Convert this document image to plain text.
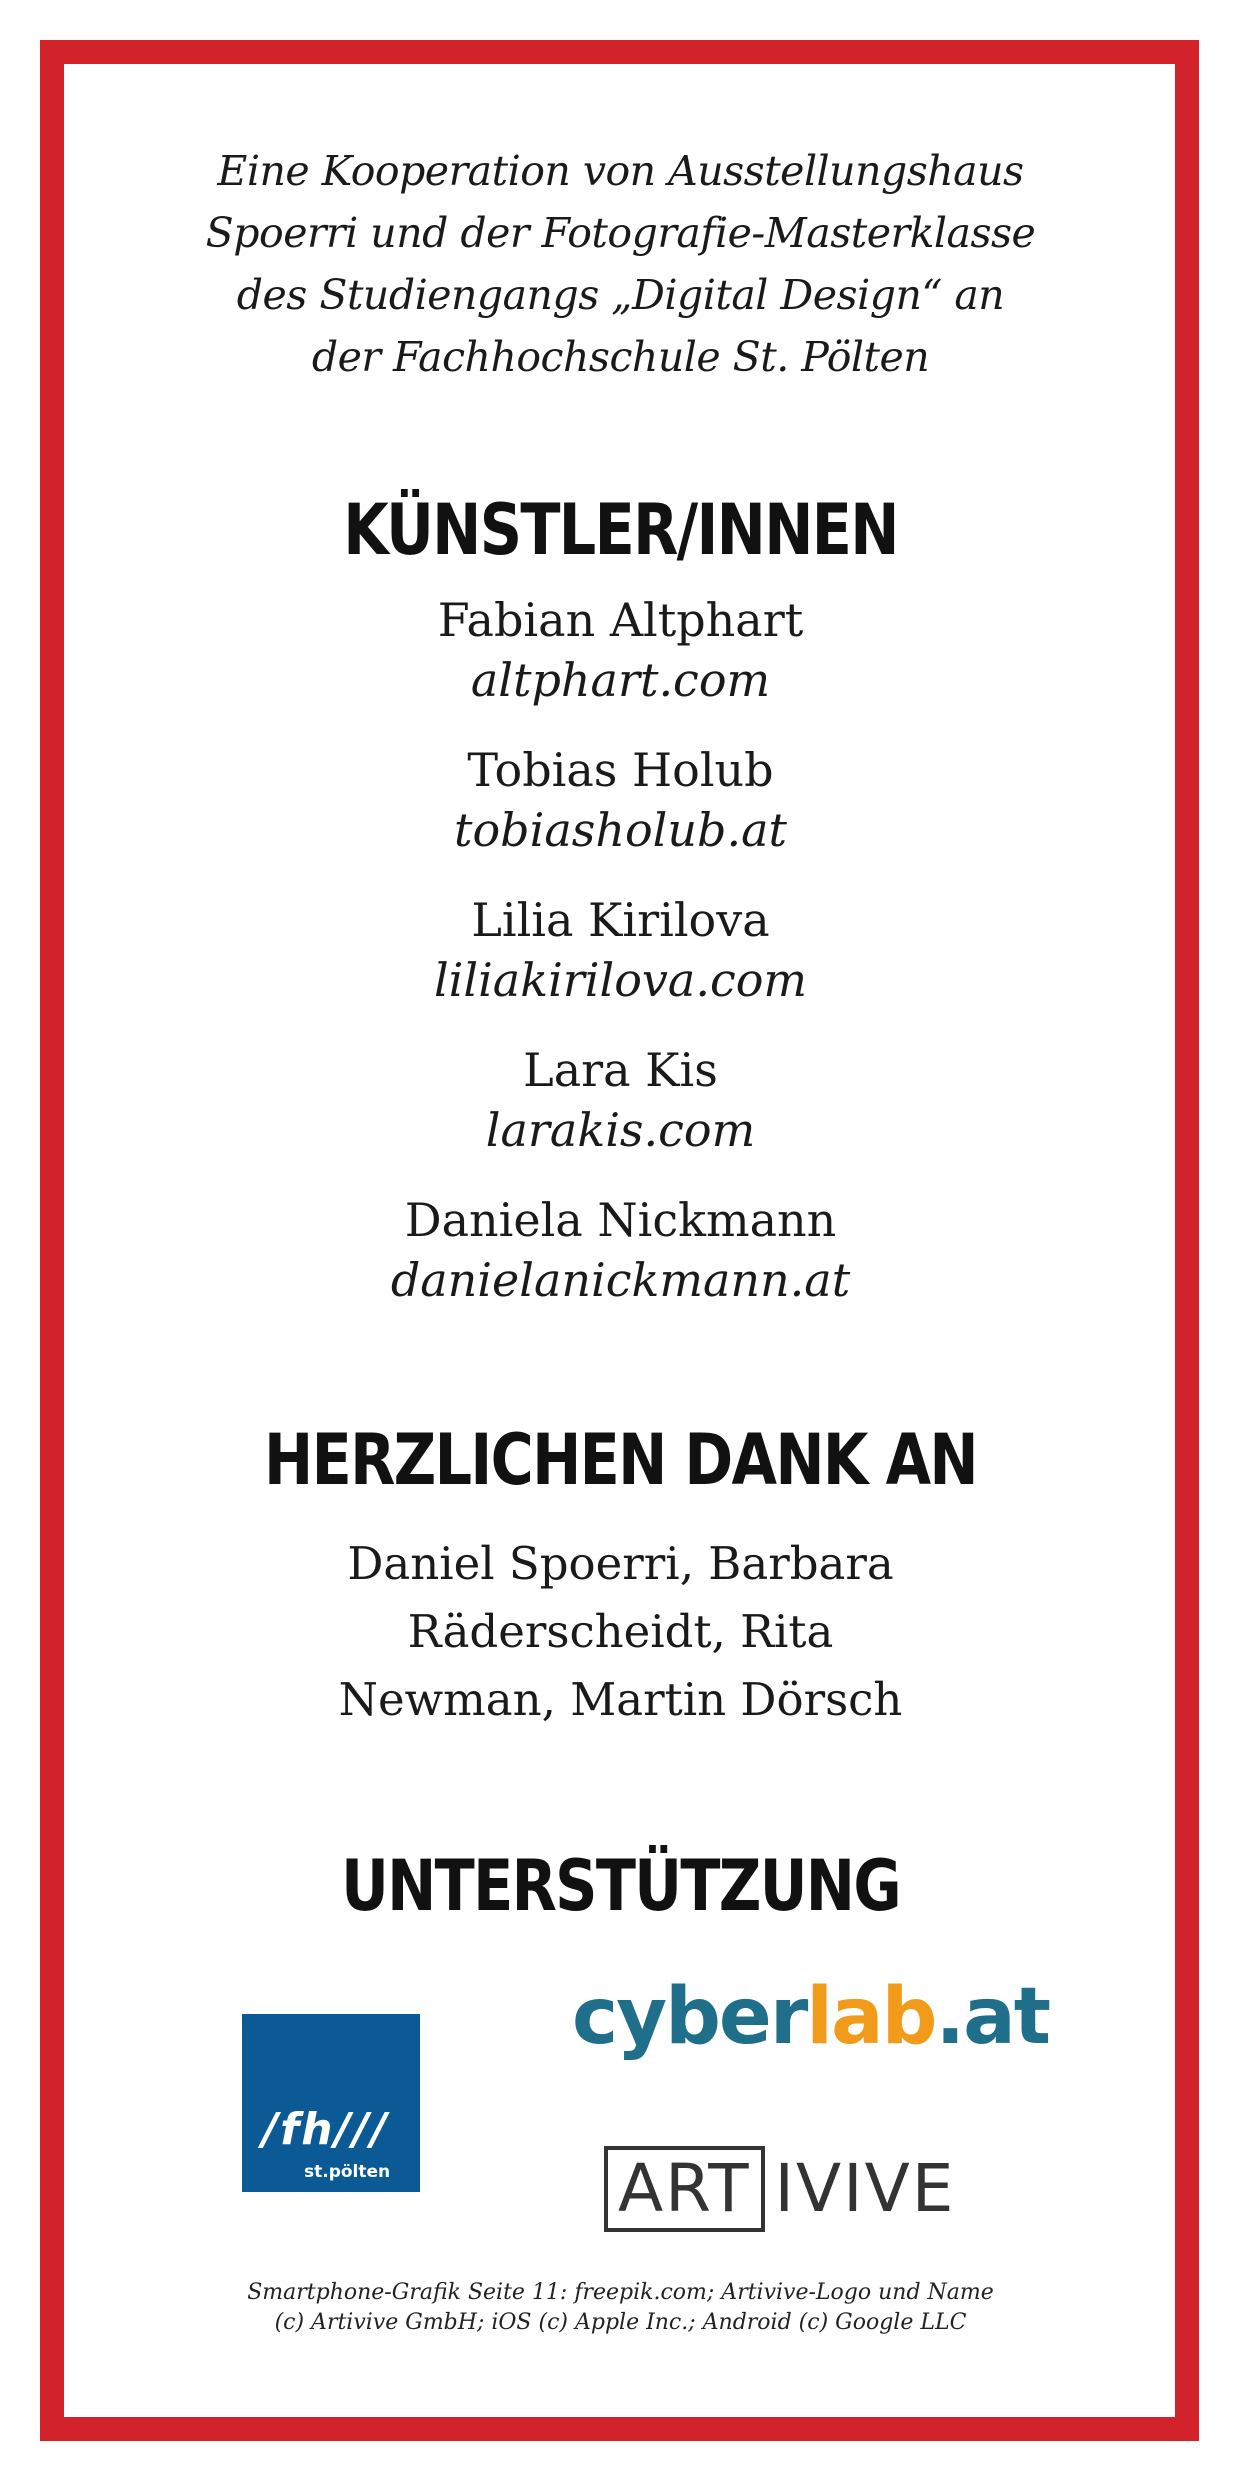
Eine Kooperation von Ausstellungshaus
Spoerri und der Fotografie-Masterklasse
des Studiengangs „Digital Design“ an
der Fachhochschule St. Pölten
KÜNSTLER/INNEN
Fabian Altphart
altphart.com
Tobias Holub
tobiasholub.at
Lilia Kirilova
liliakirilova.com
Lara Kis
larakis.com
Daniela Nickmann
danielanickmann.at
HERZLICHEN DANK AN
Daniel Spoerri, Barbara
Räderscheidt, Rita
Newman, Martin Dörsch
UNTERSTÜTZUNG
/fh///
st.pölten
cyberlab.at
ART IVIVE
Smartphone-Grafik Seite 11: freepik.com; Artivive-Logo und Name
(c) Artivive GmbH; iOS (c) Apple Inc.; Android (c) Google LLC
